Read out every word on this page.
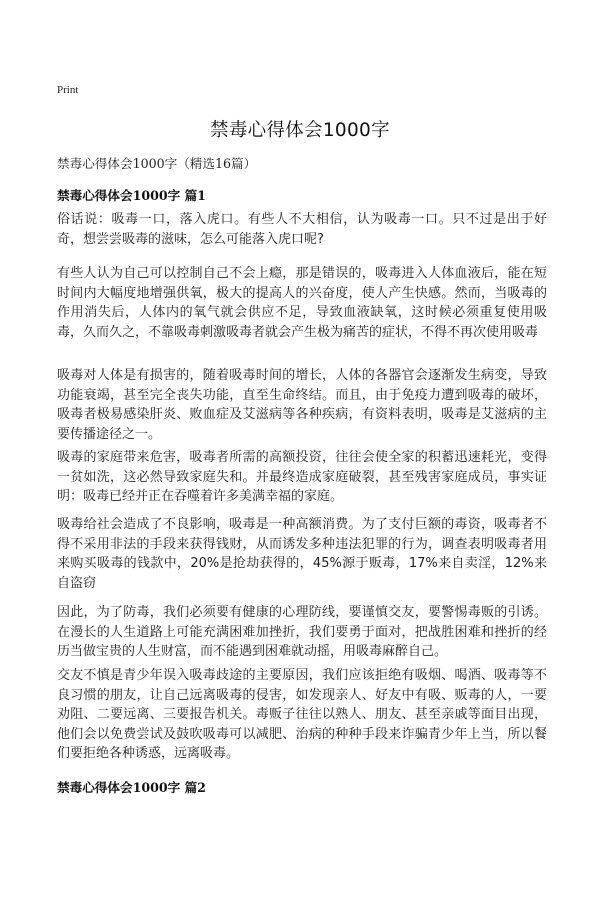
Print
禁毒心得体会1000字
禁毒心得体会1000字（精选16篇）
禁毒心得体会1000字 篇1

俗话说：吸毒一口，落入虎口。有些人不大相信，认为吸毒一口。只不过是出于好奇，想尝尝吸毒的滋味，怎么可能落入虎口呢?

有些人认为自己可以控制自己不会上瘾，那是错误的，吸毒进入人体血液后，能在短时间内大幅度地增强供氧，极大的提高人的兴奋度，使人产生快感。然而，当吸毒的作用消失后，人体内的氧气就会供应不足，导致血液缺氧，这时候必须重复使用吸毒，久而久之，不靠吸毒刺激吸毒者就会产生极为痛苦的症状，不得不再次使用吸毒

吸毒对人体是有损害的，随着吸毒时间的增长，人体的各器官会逐渐发生病变，导致功能衰竭，甚至完全丧失功能，直至生命终结。而且，由于免疫力遭到吸毒的破坏，吸毒者极易感染肝炎、败血症及艾滋病等各种疾病，有资料表明，吸毒是艾滋病的主要传播途径之一。

吸毒的家庭带来危害，吸毒者所需的高额投资，往往会使全家的积蓄迅速耗光，变得一贫如洗，这必然导致家庭失和。并最终造成家庭破裂，甚至残害家庭成员，事实证明：吸毒已经并正在吞噬着许多美满幸福的家庭。

吸毒给社会造成了不良影响，吸毒是一种高额消费。为了支付巨额的毒资，吸毒者不得不采用非法的手段来获得钱财，从而诱发多种违法犯罪的行为，调查表明吸毒者用来购买吸毒的钱款中，20%是抢劫获得的，45%源于贩毒，17%来自卖淫，12%来自盗窃

因此，为了防毒，我们必须要有健康的心理防线，要谨慎交友，要警惕毒贩的引诱。在漫长的人生道路上可能充满困难加挫折，我们要勇于面对，把战胜困难和挫折的经历当做宝贵的人生财富，而不能遇到困难就动摇，用吸毒麻醉自己。

交友不慎是青少年误入吸毒歧途的主要原因，我们应该拒绝有吸烟、喝酒、吸毒等不良习惯的朋友，让自己远离吸毒的侵害，如发现亲人、好友中有吸、贩毒的人，一要劝阻、二要远离、三要报告机关。毒贩子往往以熟人、朋友、甚至亲戚等面目出现，他们会以免费尝试及鼓吹吸毒可以减肥、治病的种种手段来诈骗青少年上当，所以餐们要拒绝各种诱惑，远离吸毒。

禁毒心得体会1000字 篇2
